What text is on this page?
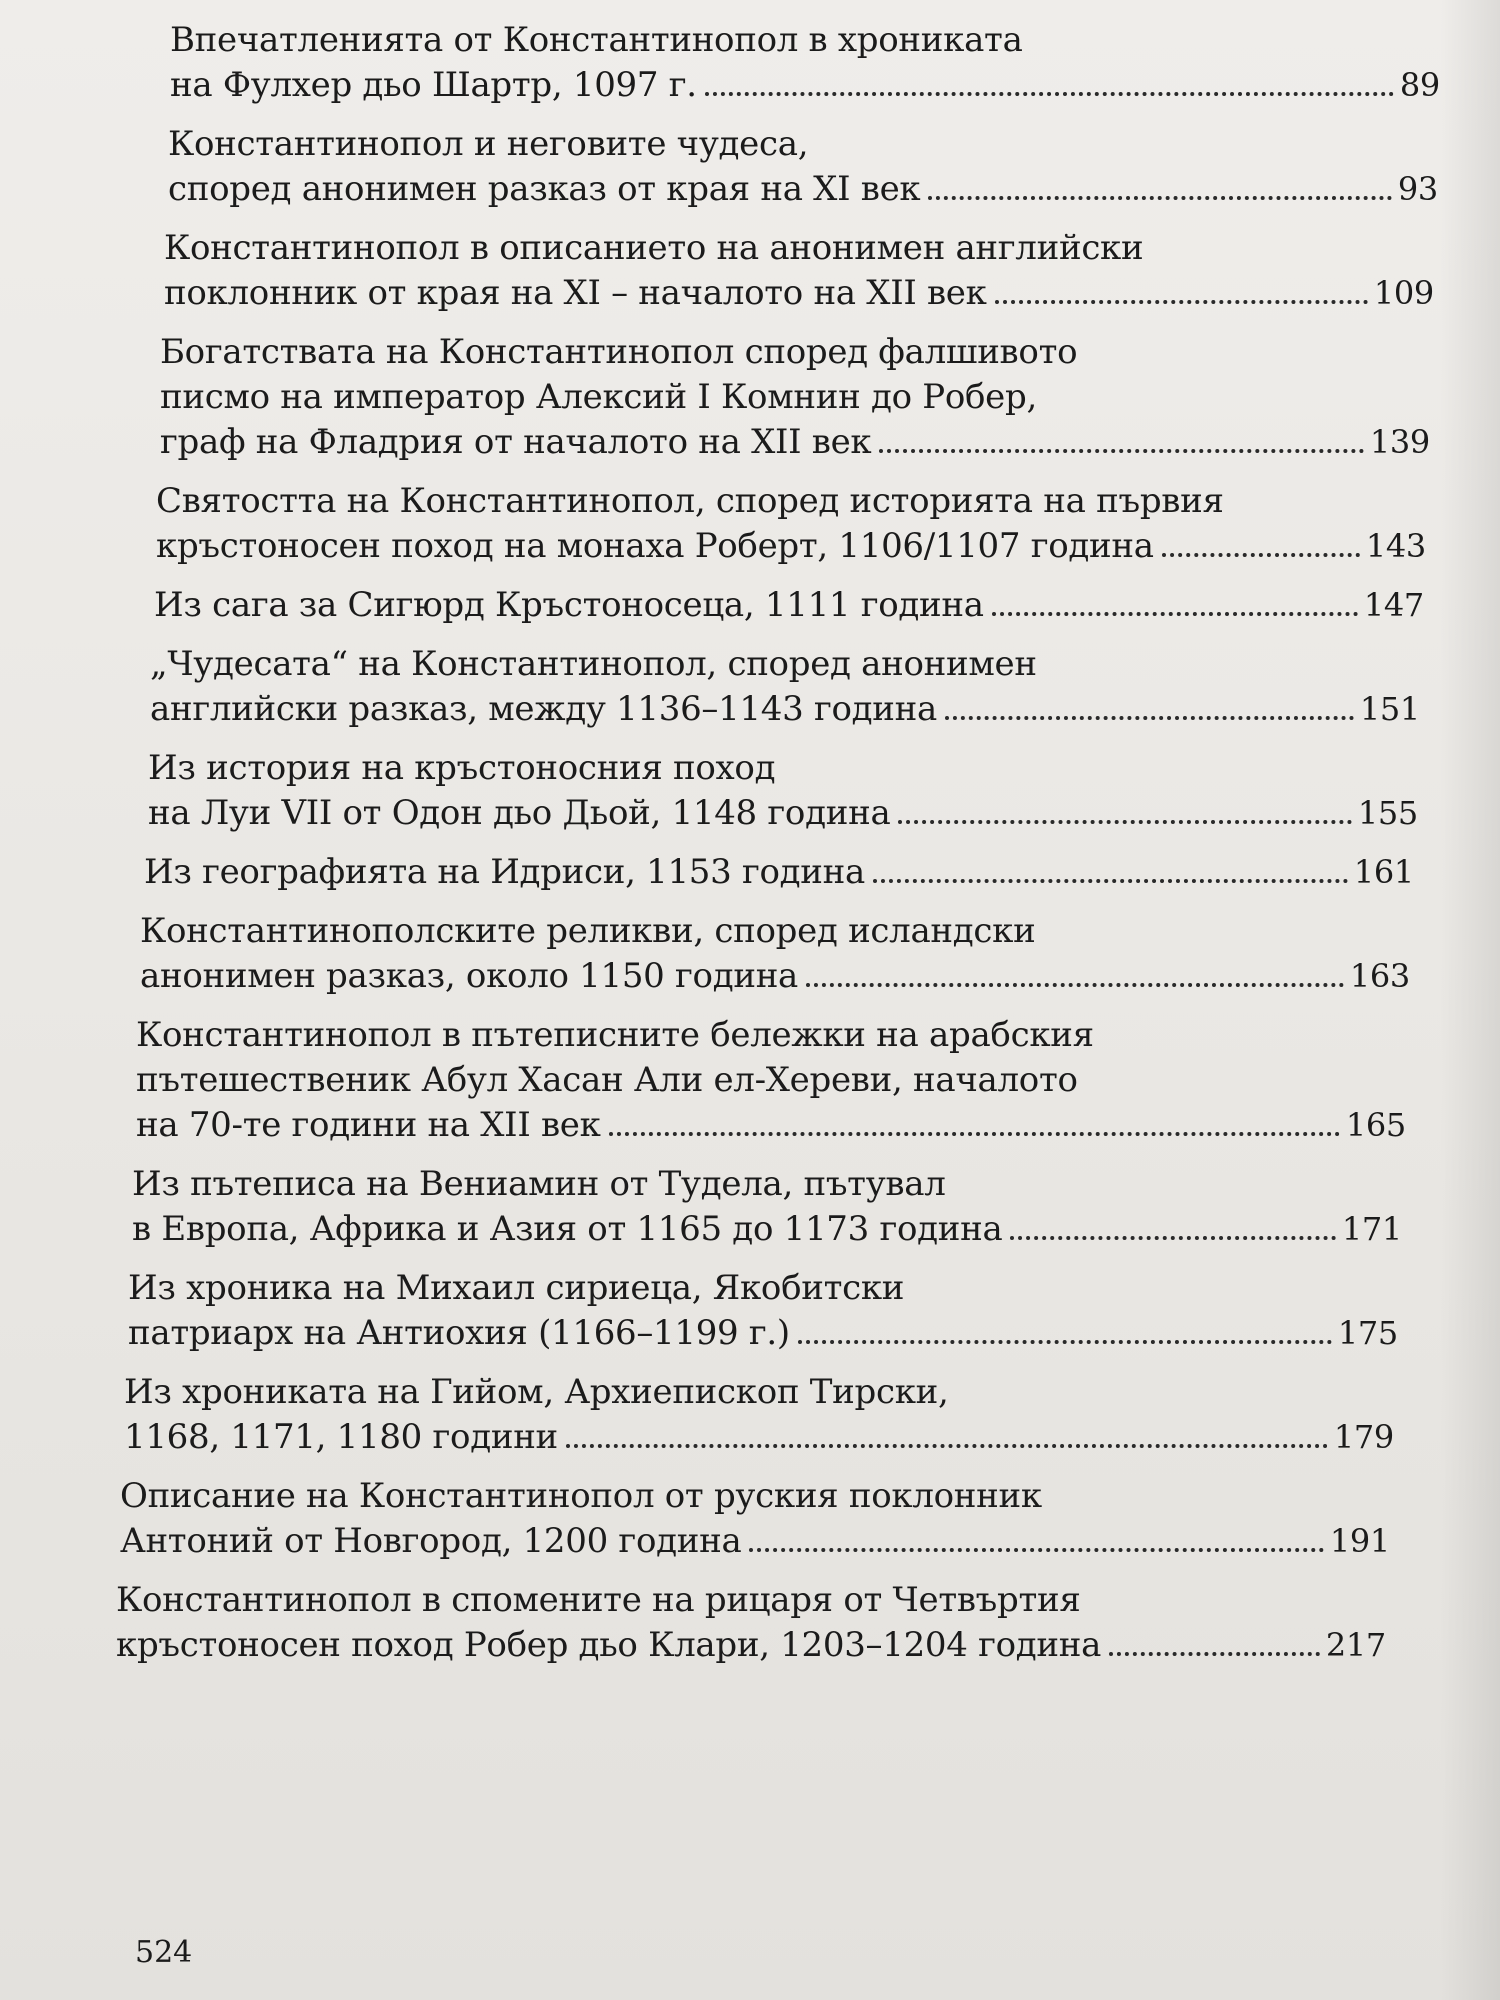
Впечатленията от Константинопол в хрониката
на Фулхер дьо Шартр, 1097 г.	89
Константинопол и неговите чудеса,
според анонимен разказ от края на XI век	93
Константинопол в описанието на анонимен английски
поклонник от края на XI – началото на XII век	109
Богатствата на Константинопол според фалшивото
писмо на император Алексий I Комнин до Робер,
граф на Фладрия от началото на XII век	139
Святостта на Константинопол, според историята на първия
кръстоносен поход на монаха Роберт, 1106/1107 година	143
Из сага за Сигюрд Кръстоносеца, 1111 година	147
„Чудесата“ на Константинопол, според анонимен
английски разказ, между 1136–1143 година	151
Из история на кръстоносния поход
на Луи VII от Одон дьо Дьой, 1148 година	155
Из географията на Идриси, 1153 година	161
Константинополските реликви, според исландски
анонимен разказ, около 1150 година	163
Константинопол в пътеписните бележки на арабския
пътешественик Абул Хасан Али ел-Хереви, началото
на 70-те години на XII век	165
Из пътеписа на Вениамин от Тудела, пътувал
в Европа, Африка и Азия от 1165 до 1173 година	171
Из хроника на Михаил сириеца, Якобитски
патриарх на Антиохия (1166–1199 г.)	175
Из хрониката на Гийом, Архиепископ Тирски,
1168, 1171, 1180 години	179
Описание на Константинопол от руския поклонник
Антоний от Новгород, 1200 година	191
Константинопол в спомените на рицаря от Четвъртия
кръстоносен поход Робер дьо Клари, 1203–1204 година	217
524
